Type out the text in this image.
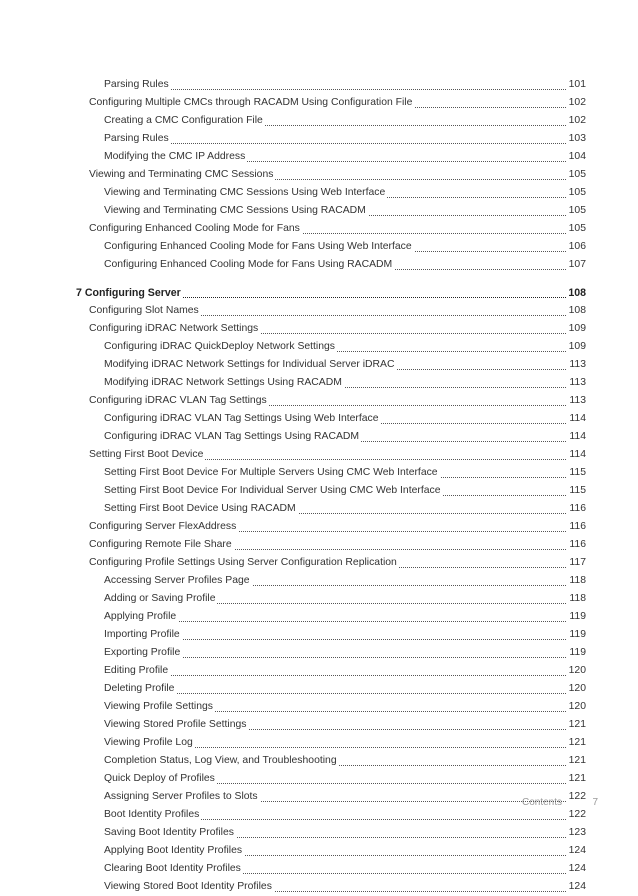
Parsing Rules	101
Configuring Multiple CMCs through RACADM Using Configuration File	102
Creating a CMC Configuration File	102
Parsing Rules	103
Modifying the CMC IP Address	104
Viewing and Terminating CMC Sessions	105
Viewing and Terminating CMC Sessions Using Web Interface	105
Viewing and Terminating CMC Sessions Using RACADM	105
Configuring Enhanced Cooling Mode for Fans	105
Configuring Enhanced Cooling Mode for Fans Using Web Interface	106
Configuring Enhanced Cooling Mode for Fans Using RACADM	107
7 Configuring Server	108
Configuring Slot Names	108
Configuring iDRAC Network Settings	109
Configuring iDRAC QuickDeploy Network Settings	109
Modifying iDRAC Network Settings for Individual Server iDRAC	113
Modifying iDRAC Network Settings Using RACADM	113
Configuring iDRAC VLAN Tag Settings	113
Configuring iDRAC VLAN Tag Settings Using Web Interface	114
Configuring iDRAC VLAN Tag Settings Using RACADM	114
Setting First Boot Device	114
Setting First Boot Device For Multiple Servers Using CMC Web Interface	115
Setting First Boot Device For Individual Server Using CMC Web Interface	115
Setting First Boot Device Using RACADM	116
Configuring Server FlexAddress	116
Configuring Remote File Share	116
Configuring Profile Settings Using Server Configuration Replication	117
Accessing Server Profiles Page	118
Adding or Saving Profile	118
Applying Profile	119
Importing Profile	119
Exporting Profile	119
Editing Profile	120
Deleting Profile	120
Viewing Profile Settings	120
Viewing Stored Profile Settings	121
Viewing Profile Log	121
Completion Status, Log View, and Troubleshooting	121
Quick Deploy of Profiles	121
Assigning Server Profiles to Slots	122
Boot Identity Profiles	122
Saving Boot Identity Profiles	123
Applying Boot Identity Profiles	124
Clearing Boot Identity Profiles	124
Viewing Stored Boot Identity Profiles	124
Contents	7
